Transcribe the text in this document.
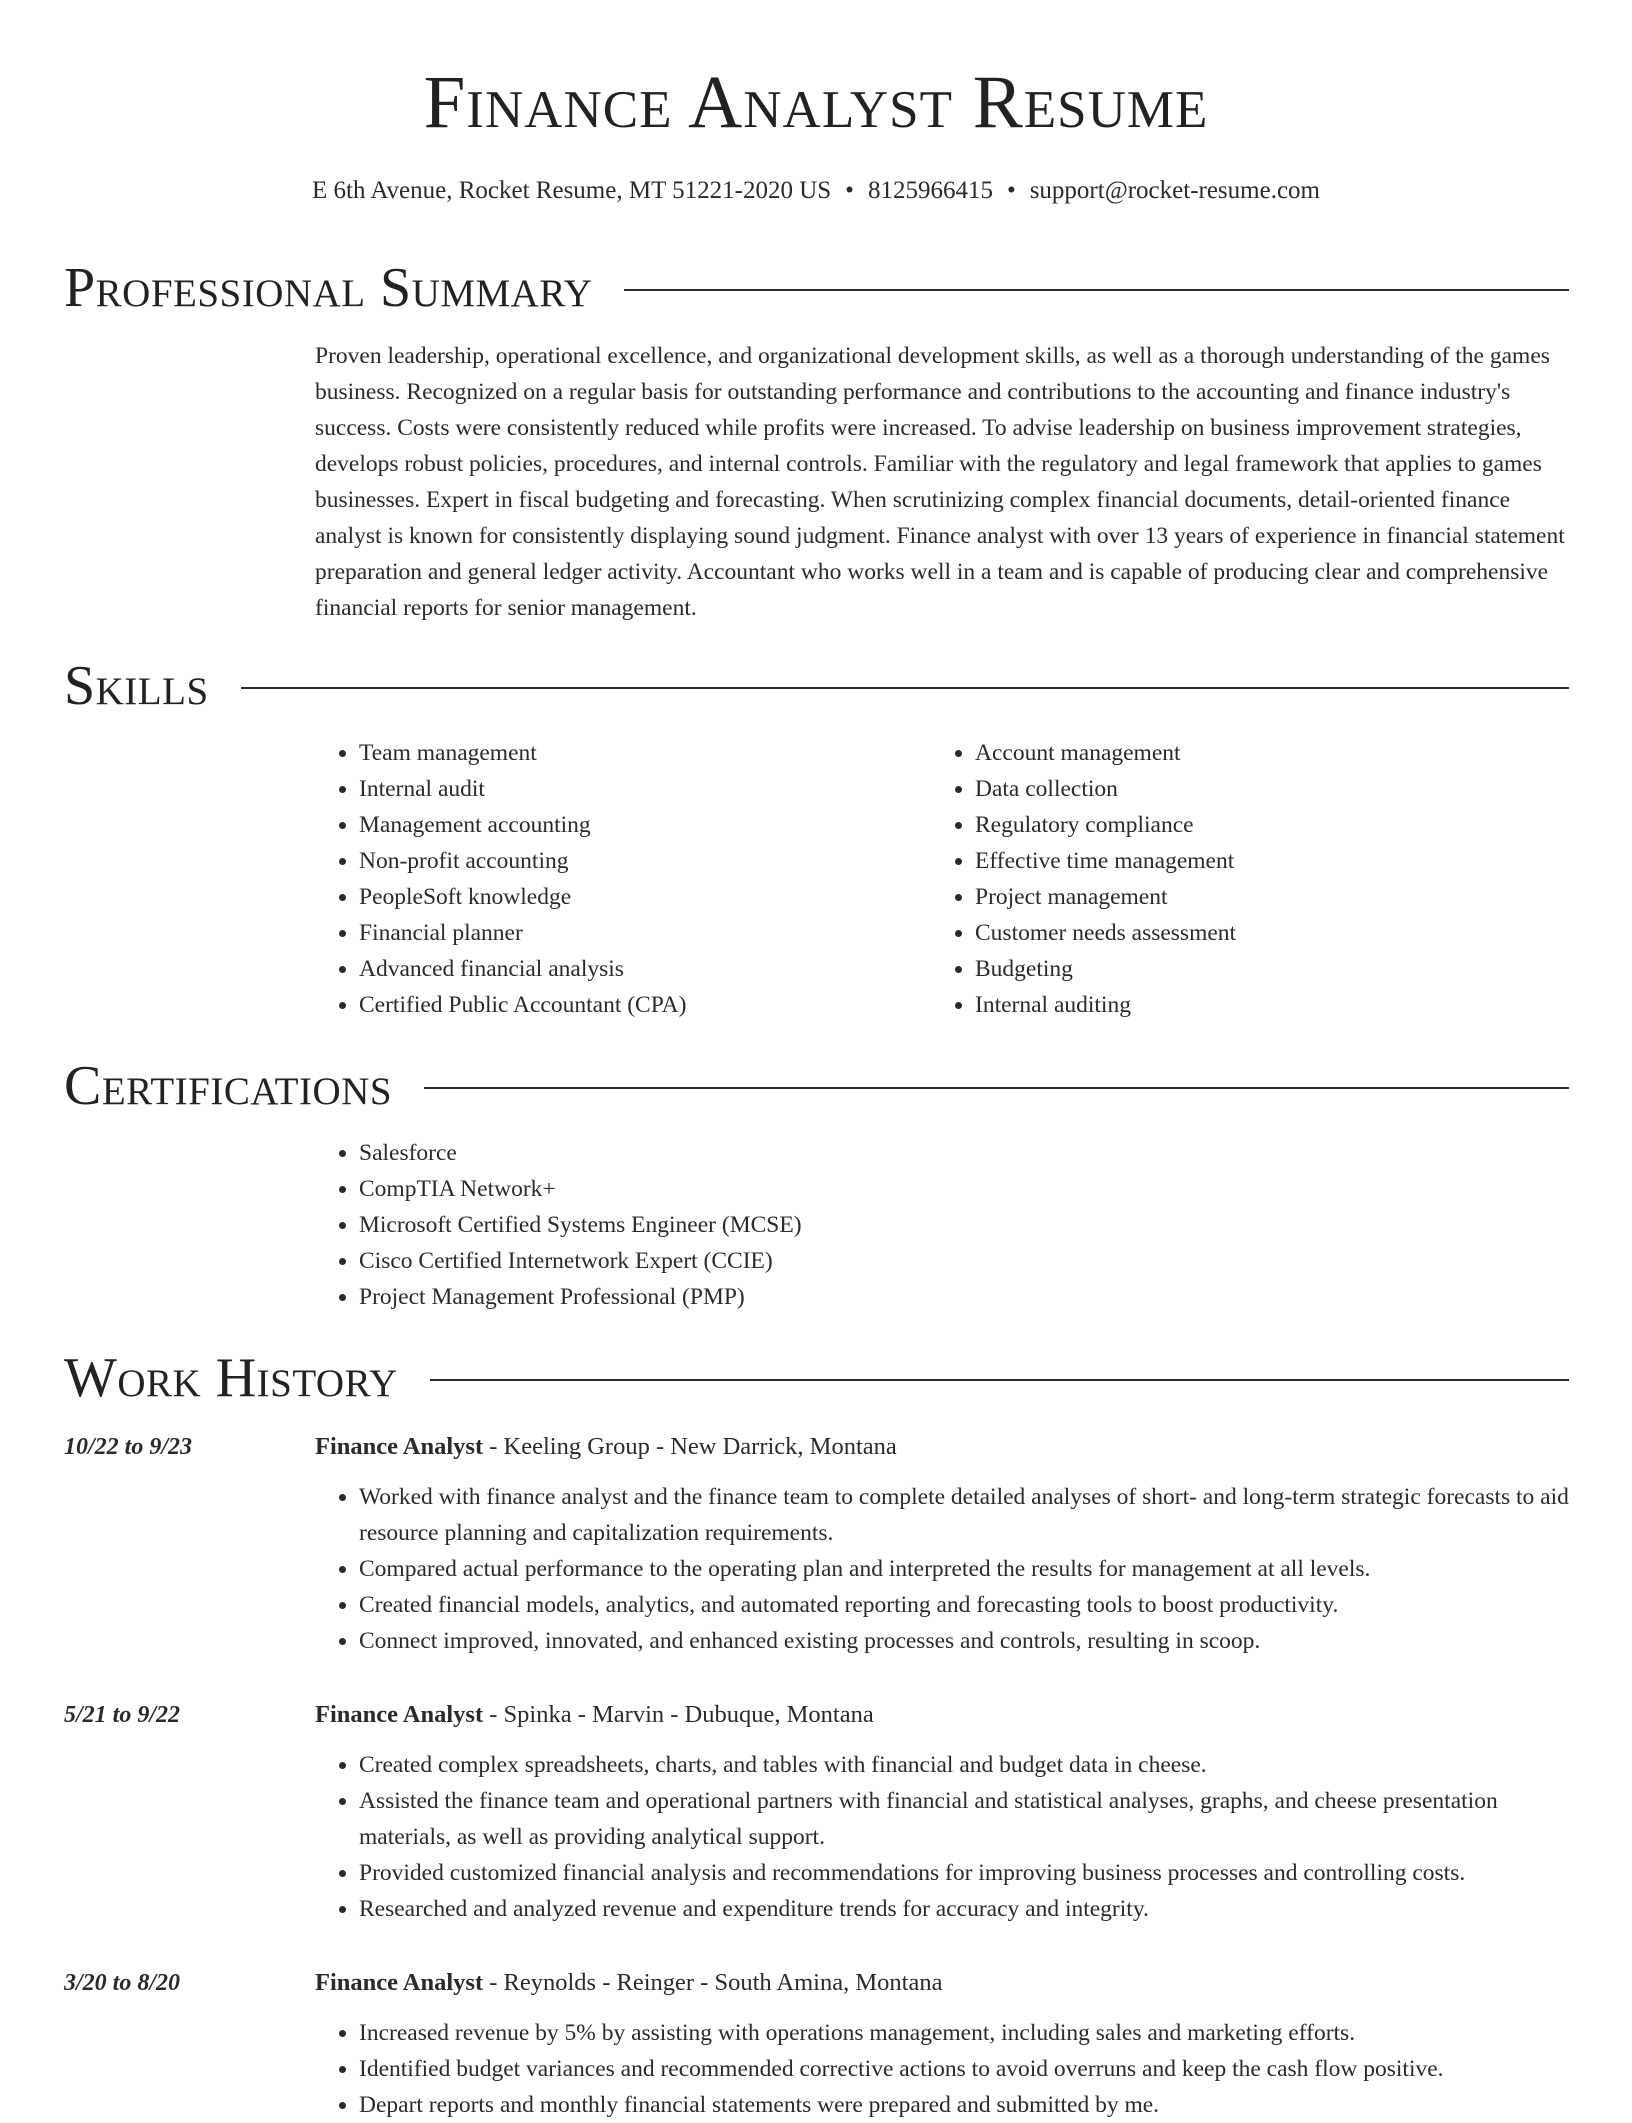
Finance Analyst Resume
E 6th Avenue, Rocket Resume, MT 51221-2020 US • 8125966415 • support@rocket-resume.com
Professional Summary

Proven leadership, operational excellence, and organizational development skills, as well as a thorough understanding of the games business. Recognized on a regular basis for outstanding performance and contributions to the accounting and finance industry's success. Costs were consistently reduced while profits were increased. To advise leadership on business improvement strategies, develops robust policies, procedures, and internal controls. Familiar with the regulatory and legal framework that applies to games businesses. Expert in fiscal budgeting and forecasting. When scrutinizing complex financial documents, detail-oriented finance analyst is known for consistently displaying sound judgment. Finance analyst with over 13 years of experience in financial statement preparation and general ledger activity. Accountant who works well in a team and is capable of producing clear and comprehensive financial reports for senior management.

Skills
• Team management
• Internal audit
• Management accounting
• Non-profit accounting
• PeopleSoft knowledge
• Financial planner
• Advanced financial analysis
• Certified Public Accountant (CPA)
• Account management
• Data collection
• Regulatory compliance
• Effective time management
• Project management
• Customer needs assessment
• Budgeting
• Internal auditing
Certifications
• Salesforce
• CompTIA Network+
• Microsoft Certified Systems Engineer (MCSE)
• Cisco Certified Internetwork Expert (CCIE)
• Project Management Professional (PMP)
Work History
10/22 to 9/23	Finance Analyst - Keeling Group - New Darrick, Montana
• Worked with finance analyst and the finance team to complete detailed analyses of short- and long-term strategic forecasts to aid resource planning and capitalization requirements.
• Compared actual performance to the operating plan and interpreted the results for management at all levels.
• Created financial models, analytics, and automated reporting and forecasting tools to boost productivity.
• Connect improved, innovated, and enhanced existing processes and controls, resulting in scoop.
5/21 to 9/22	Finance Analyst - Spinka - Marvin - Dubuque, Montana
• Created complex spreadsheets, charts, and tables with financial and budget data in cheese.
• Assisted the finance team and operational partners with financial and statistical analyses, graphs, and cheese presentation materials, as well as providing analytical support.
• Provided customized financial analysis and recommendations for improving business processes and controlling costs.
• Researched and analyzed revenue and expenditure trends for accuracy and integrity.
3/20 to 8/20	Finance Analyst - Reynolds - Reinger - South Amina, Montana
• Increased revenue by 5% by assisting with operations management, including sales and marketing efforts.
• Identified budget variances and recommended corrective actions to avoid overruns and keep the cash flow positive.
• Depart reports and monthly financial statements were prepared and submitted by me.
